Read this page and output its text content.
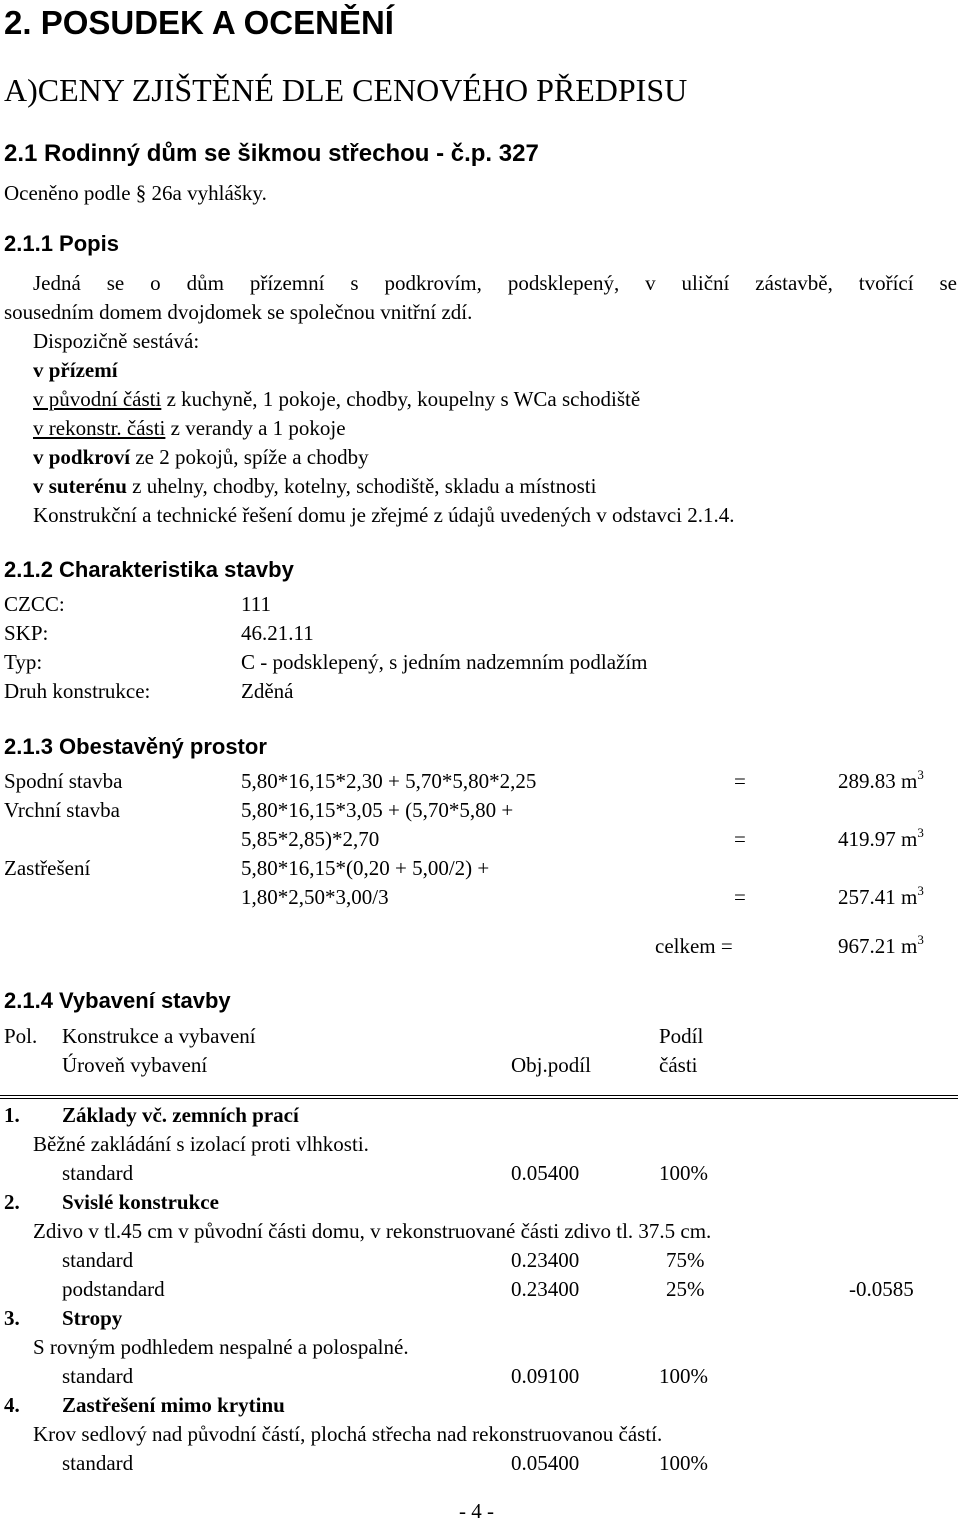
2. POSUDEK A OCENĚNÍ
A)CENY ZJIŠTĚNÉ DLE CENOVÉHO PŘEDPISU
2.1 Rodinný dům se šikmou střechou - č.p. 327
Oceněno podle § 26a vyhlášky.
2.1.1 Popis
Jedná se o dům přízemní s podkrovím, podsklepený, v uliční zástavbě, tvořící se
sousedním domem dvojdomek se společnou vnitřní zdí.
Dispozičně sestává:
v přízemí
v původní části z kuchyně, 1 pokoje, chodby, koupelny s WCa schodiště
v rekonstr. části z verandy a 1 pokoje
v podkroví ze 2 pokojů, spíže a chodby
v suterénu z uhelny, chodby, kotelny, schodiště, skladu a místnosti
Konstrukční a technické řešení domu je zřejmé z údajů uvedených v odstavci 2.1.4.
2.1.2 Charakteristika stavby
CZCC:	111
SKP:	46.21.11
Typ:	C - podsklepený, s jedním nadzemním podlažím
Druh konstrukce:	Zděná
2.1.3 Obestavěný prostor
Spodní stavba	5,80*16,15*2,30 + 5,70*5,80*2,25	=	289.83 $m^3$
Vrchní stavba	5,80*16,15*3,05 + (5,70*5,80 +
5,85*2,85)*2,70	=	419.97 $m^3$
Zastřešení	5,80*16,15*(0,20 + 5,00/2) +
1,80*2,50*3,00/3	=	257.41 $m^3$
celkem =	967.21 $m^3$
2.1.4 Vybavení stavby
Pol. Konstrukce a vybavení	Podíl
Úroveň vybavení	Obj.podíl	části
1. Základy vč. zemních prací
Běžné zakládání s izolací proti vlhkosti.
standard	0.05400	100%
2. Svislé konstrukce
Zdivo v tl.45 cm v původní části domu, v rekonstruované části zdivo tl. 37.5 cm.
standard	0.23400	75%
podstandard	0.23400	25%	-0.0585
3. Stropy
S rovným podhledem nespalné a polospalné.
standard	0.09100	100%
4. Zastřešení mimo krytinu
Krov sedlový nad původní částí, plochá střecha nad rekonstruovanou částí.
standard	0.05400	100%
- 4 -
